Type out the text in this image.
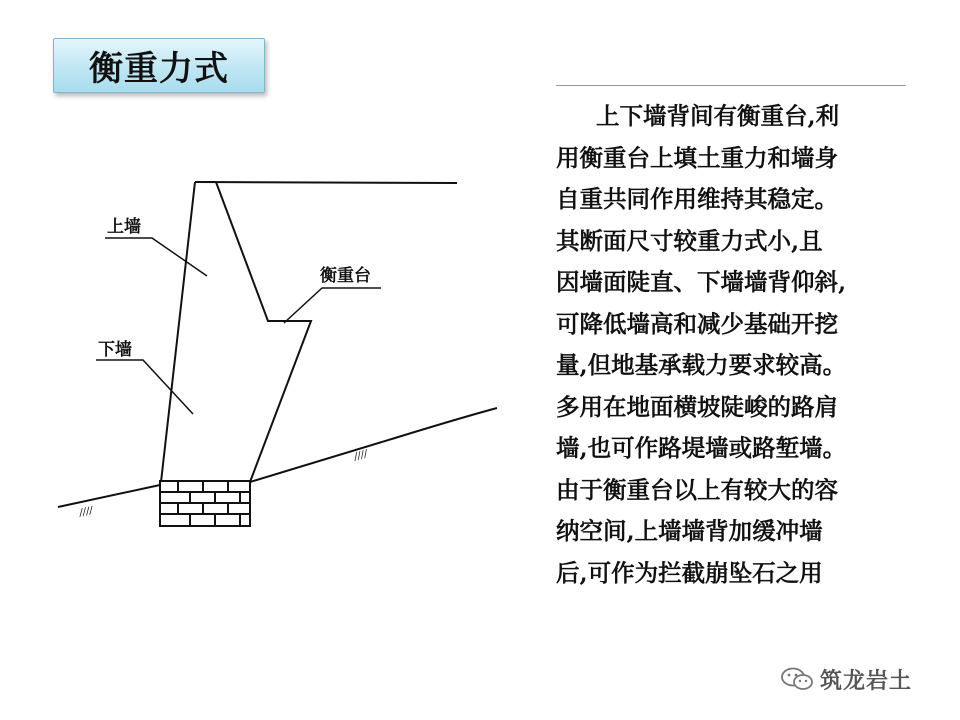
衡重力式
////
////
上墙
下墙
衡重台
上下墙背间有衡重台,利
用衡重台上填土重力和墙身
自重共同作用维持其稳定。
其断面尺寸较重力式小,且
因墙面陡直、下墙墙背仰斜,
可降低墙高和减少基础开挖
量,但地基承载力要求较高。
多用在地面横坡陡峻的路肩
墙,也可作路堤墙或路堑墙。
由于衡重台以上有较大的容
纳空间,上墙墙背加缓冲墙
后,可作为拦截崩坠石之用
筑龙岩土
